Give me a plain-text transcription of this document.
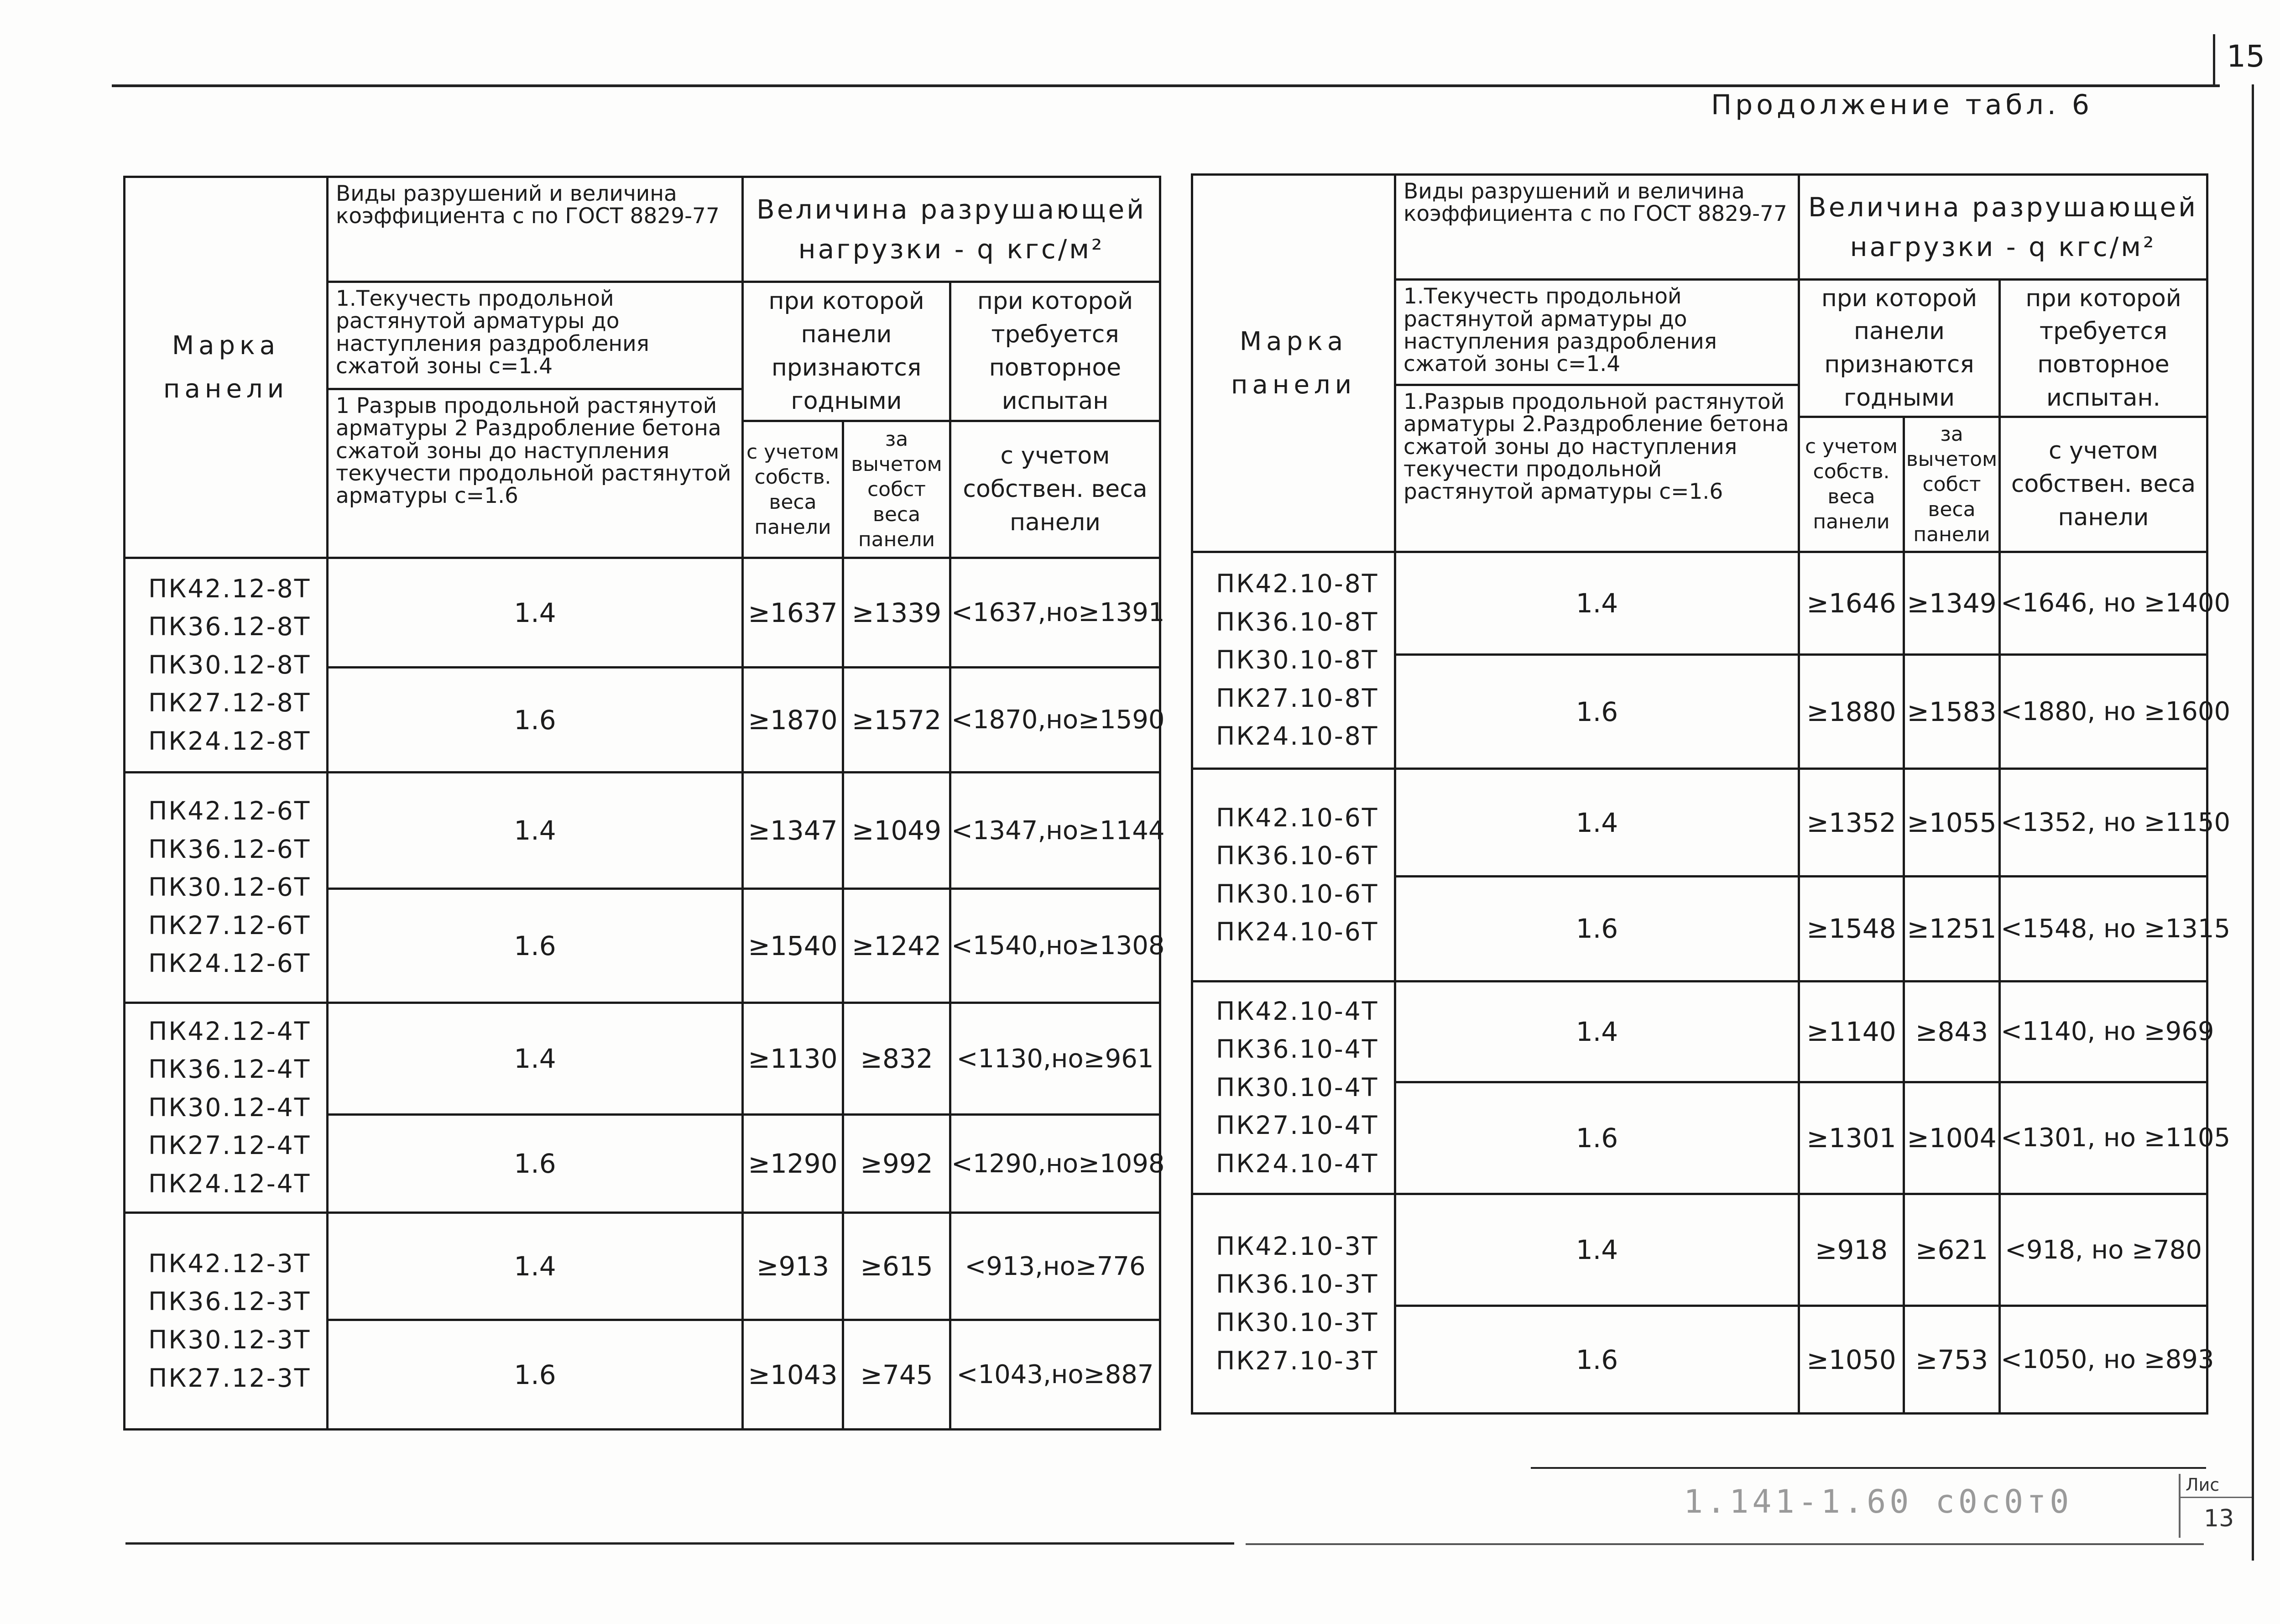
15
Продолжение табл. 6
Марка панели	Виды разрушений и величина коэффициента с по ГОСТ 8829-77	Величина разрушающей нагрузки - q кгс/м²		
	1.Текучесть продольной растянутой арматуры до наступления раздробления сжатой зоны с=1.4	при которой панели признаются годными		при которой требуется повторное испытан
	1 Разрыв продольной растянутой арматуры 2 Раздробление бетона сжатой зоны до наступления текучести продольной растянутой арматуры с=1.6			
		с учетом собств. веса панели	за вычетом собст веса панели	с учетом собствен. веса панели

ПК42.12-8Т
ПК36.12-8Т
ПК30.12-8Т
ПК27.12-8Т
ПК24.12-8Т	1.4	≥1637	≥1339	<1637,но≥1391
	1.6	≥1870	≥1572	<1870,но≥1590

ПК42.12-6Т
ПК36.12-6Т
ПК30.12-6Т
ПК27.12-6Т
ПК24.12-6Т	1.4	≥1347	≥1049	<1347,но≥1144
	1.6	≥1540	≥1242	<1540,но≥1308

ПК42.12-4Т
ПК36.12-4Т
ПК30.12-4Т
ПК27.12-4Т
ПК24.12-4Т	1.4	≥1130	≥832	<1130,но≥961
	1.6	≥1290	≥992	<1290,но≥1098

ПК42.12-3Т
ПК36.12-3Т
ПК30.12-3Т
ПК27.12-3Т	1.4	≥913	≥615	<913,но≥776
	1.6	≥1043	≥745	<1043,но≥887
Марка панели	Виды разрушений и величина коэффициента с по ГОСТ 8829-77	Величина разрушающей нагрузки - q кгс/м²		
	1.Текучесть продольной растянутой арматуры до наступления раздробления сжатой зоны с=1.4	при которой панели признаются годными		при которой требуется повторное испытан.
	1.Разрыв продольной растянутой арматуры 2.Раздробление бетона сжатой зоны до наступления текучести продольной растянутой арматуры с=1.6			
		с учетом собств. веса панели	за вычетом собст веса панели	с учетом собствен. веса панели

ПК42.10-8Т
ПК36.10-8Т
ПК30.10-8Т
ПК27.10-8Т
ПК24.10-8Т	1.4	≥1646	≥1349	<1646, но ≥1400
	1.6	≥1880	≥1583	<1880, но ≥1600

ПК42.10-6Т
ПК36.10-6Т
ПК30.10-6Т
ПК24.10-6Т	1.4	≥1352	≥1055	<1352, но ≥1150
	1.6	≥1548	≥1251	<1548, но ≥1315

ПК42.10-4Т
ПК36.10-4Т
ПК30.10-4Т
ПК27.10-4Т
ПК24.10-4Т	1.4	≥1140	≥843	<1140, но ≥969
	1.6	≥1301	≥1004	<1301, но ≥1105

ПК42.10-3Т
ПК36.10-3Т
ПК30.10-3Т
ПК27.10-3Т	1.4	≥918	≥621	<918, но ≥780
	1.6	≥1050	≥753	<1050, но ≥893
1.141-1.60 с0с0т0	Лис
13
